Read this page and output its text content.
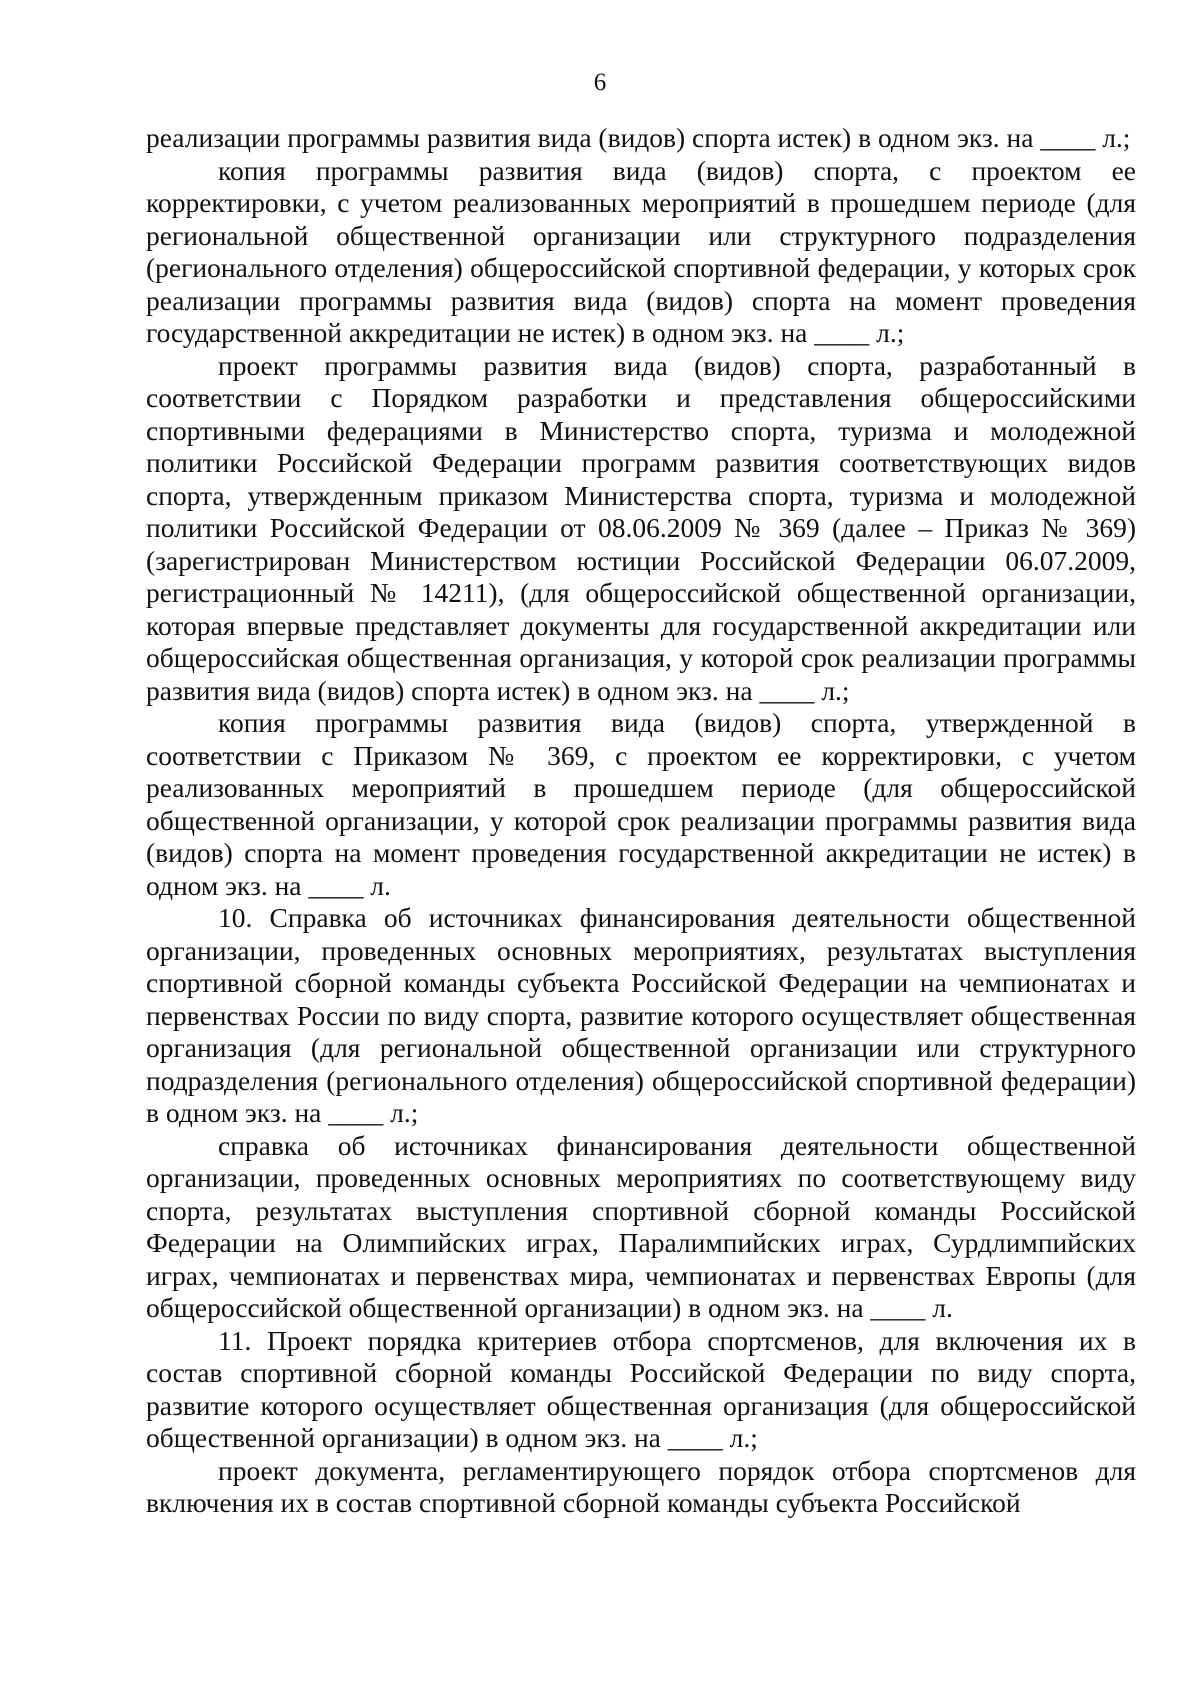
6

реализации программы развития вида (видов) спорта истек) в одном экз. на ____ л.;

копия программы развития вида (видов) спорта, с проектом ее корректировки, с учетом реализованных мероприятий в прошедшем периоде (для региональной общественной организации или структурного подразделения (регионального отделения) общероссийской спортивной федерации, у которых срок реализации программы развития вида (видов) спорта на момент проведения государственной аккредитации не истек) в одном экз. на ____ л.;

проект программы развития вида (видов) спорта, разработанный в соответствии с Порядком разработки и представления общероссийскими спортивными федерациями в Министерство спорта, туризма и молодежной политики Российской Федерации программ развития соответствующих видов спорта, утвержденным приказом Министерства спорта, туризма и молодежной политики Российской Федерации от 08.06.2009 № 369 (далее – Приказ № 369) (зарегистрирован Министерством юстиции Российской Федерации 06.07.2009, регистрационный № 14211), (для общероссийской общественной организации, которая впервые представляет документы для государственной аккредитации или общероссийская общественная организация, у которой срок реализации программы развития вида (видов) спорта истек) в одном экз. на ____ л.;

копия программы развития вида (видов) спорта, утвержденной в соответствии с Приказом № 369, с проектом ее корректировки, с учетом реализованных мероприятий в прошедшем периоде (для общероссийской общественной организации, у которой срок реализации программы развития вида (видов) спорта на момент проведения государственной аккредитации не истек) в одном экз. на ____ л.

10. Справка об источниках финансирования деятельности общественной организации, проведенных основных мероприятиях, результатах выступления спортивной сборной команды субъекта Российской Федерации на чемпионатах и первенствах России по виду спорта, развитие которого осуществляет общественная организация (для региональной общественной организации или структурного подразделения (регионального отделения) общероссийской спортивной федерации) в одном экз. на ____ л.;

справка об источниках финансирования деятельности общественной организации, проведенных основных мероприятиях по соответствующему виду спорта, результатах выступления спортивной сборной команды Российской Федерации на Олимпийских играх, Паралимпийских играх, Сурдлимпийских играх, чемпионатах и первенствах мира, чемпионатах и первенствах Европы (для общероссийской общественной организации) в одном экз. на ____ л.

11. Проект порядка критериев отбора спортсменов, для включения их в состав спортивной сборной команды Российской Федерации по виду спорта, развитие которого осуществляет общественная организация (для общероссийской общественной организации) в одном экз. на ____ л.;

проект документа, регламентирующего порядок отбора спортсменов для включения их в состав спортивной сборной команды субъекта Российской
